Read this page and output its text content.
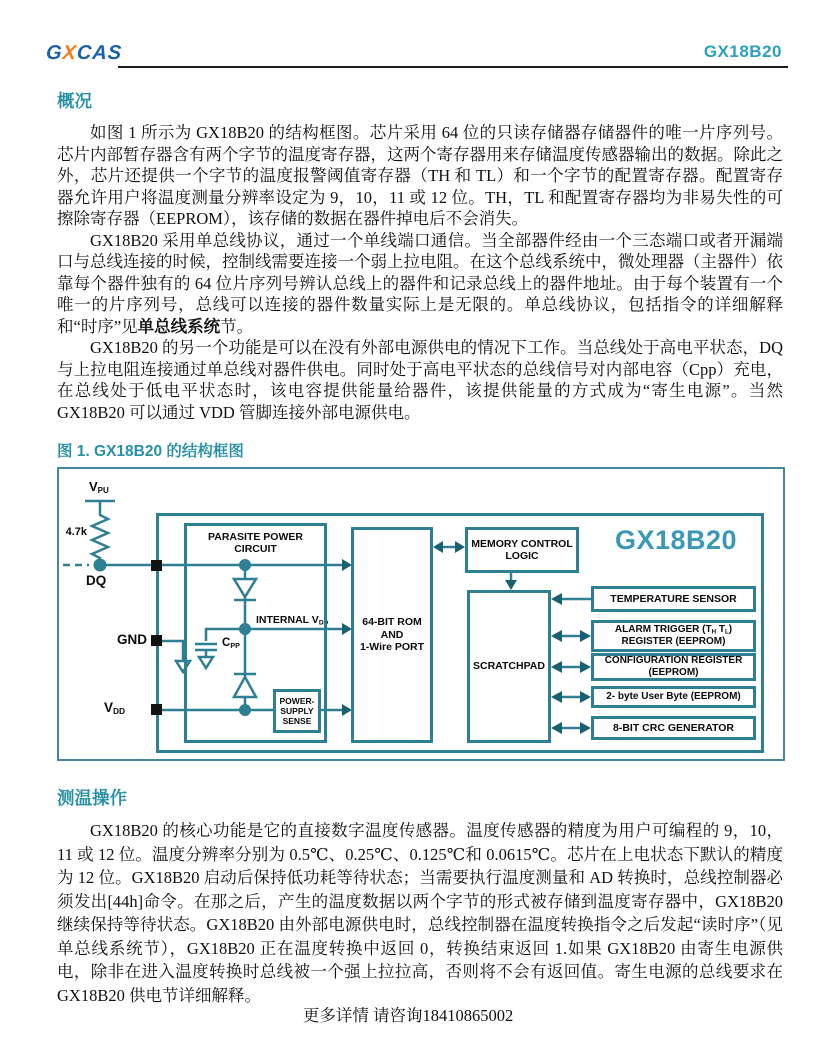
GXCAS	GX18B20
概况

如图 1 所示为 GX18B20 的结构框图。芯片采用 64 位的只读存储器存储器件的唯一片序列号。芯片内部暂存器含有两个字节的温度寄存器，这两个寄存器用来存储温度传感器输出的数据。除此之外，芯片还提供一个字节的温度报警阈值寄存器（TH 和 TL）和一个字节的配置寄存器。配置寄存器允许用户将温度测量分辨率设定为 9，10，11 或 12 位。TH，TL 和配置寄存器均为非易失性的可擦除寄存器（EEPROM），该存储的数据在器件掉电后不会消失。

GX18B20 采用单总线协议，通过一个单线端口通信。当全部器件经由一个三态端口或者开漏端口与总线连接的时候，控制线需要连接一个弱上拉电阻。在这个总线系统中，微处理器（主器件）依靠每个器件独有的 64 位片序列号辨认总线上的器件和记录总线上的器件地址。由于每个装置有一个唯一的片序列号，总线可以连接的器件数量实际上是无限的。单总线协议，包括指令的详细解释和“时序”见单总线系统节。

GX18B20 的另一个功能是可以在没有外部电源供电的情况下工作。当总线处于高电平状态，DQ 与上拉电阻连接通过单总线对器件供电。同时处于高电平状态的总线信号对内部电容（Cpp）充电，在总线处于低电平状态时，该电容提供能量给器件，该提供能量的方式成为“寄生电源”。当然 GX18B20 可以通过 VDD 管脚连接外部电源供电。

图 1. GX18B20 的结构框图
$V_{PU}$
4.7k
DQ
GND
$V_{DD}$
INTERNAL $V_{DD}$
$C_{PP}$
PARASITE POWER
CIRCUIT
POWER-
SUPPLY
SENSE
64-BIT ROM
AND
1-Wire PORT
MEMORY CONTROL
LOGIC
GX18B20
SCRATCHPAD
TEMPERATURE SENSOR
ALARM TRIGGER ($T_H$ $T_L$)
REGISTER (EEPROM)
CONFIGURATION REGISTER
(EEPROM)
2- byte User Byte (EEPROM)
8-BIT CRC GENERATOR
测温操作

GX18B20 的核心功能是它的直接数字温度传感器。温度传感器的精度为用户可编程的 9，10，11 或 12 位。温度分辨率分别为 0.5℃、0.25℃、0.125℃和 0.0615℃。芯片在上电状态下默认的精度为 12 位。GX18B20 启动后保持低功耗等待状态；当需要执行温度测量和 AD 转换时，总线控制器必须发出[44h]命令。在那之后，产生的温度数据以两个字节的形式被存储到温度寄存器中，GX18B20 继续保持等待状态。GX18B20 由外部电源供电时，总线控制器在温度转换指令之后发起“读时序”（见单总线系统节），GX18B20 正在温度转换中返回 0，转换结束返回 1.如果 GX18B20 由寄生电源供电，除非在进入温度转换时总线被一个强上拉拉高，否则将不会有返回值。寄生电源的总线要求在 GX18B20 供电节详细解释。

更多详情 请咨询18410865002
